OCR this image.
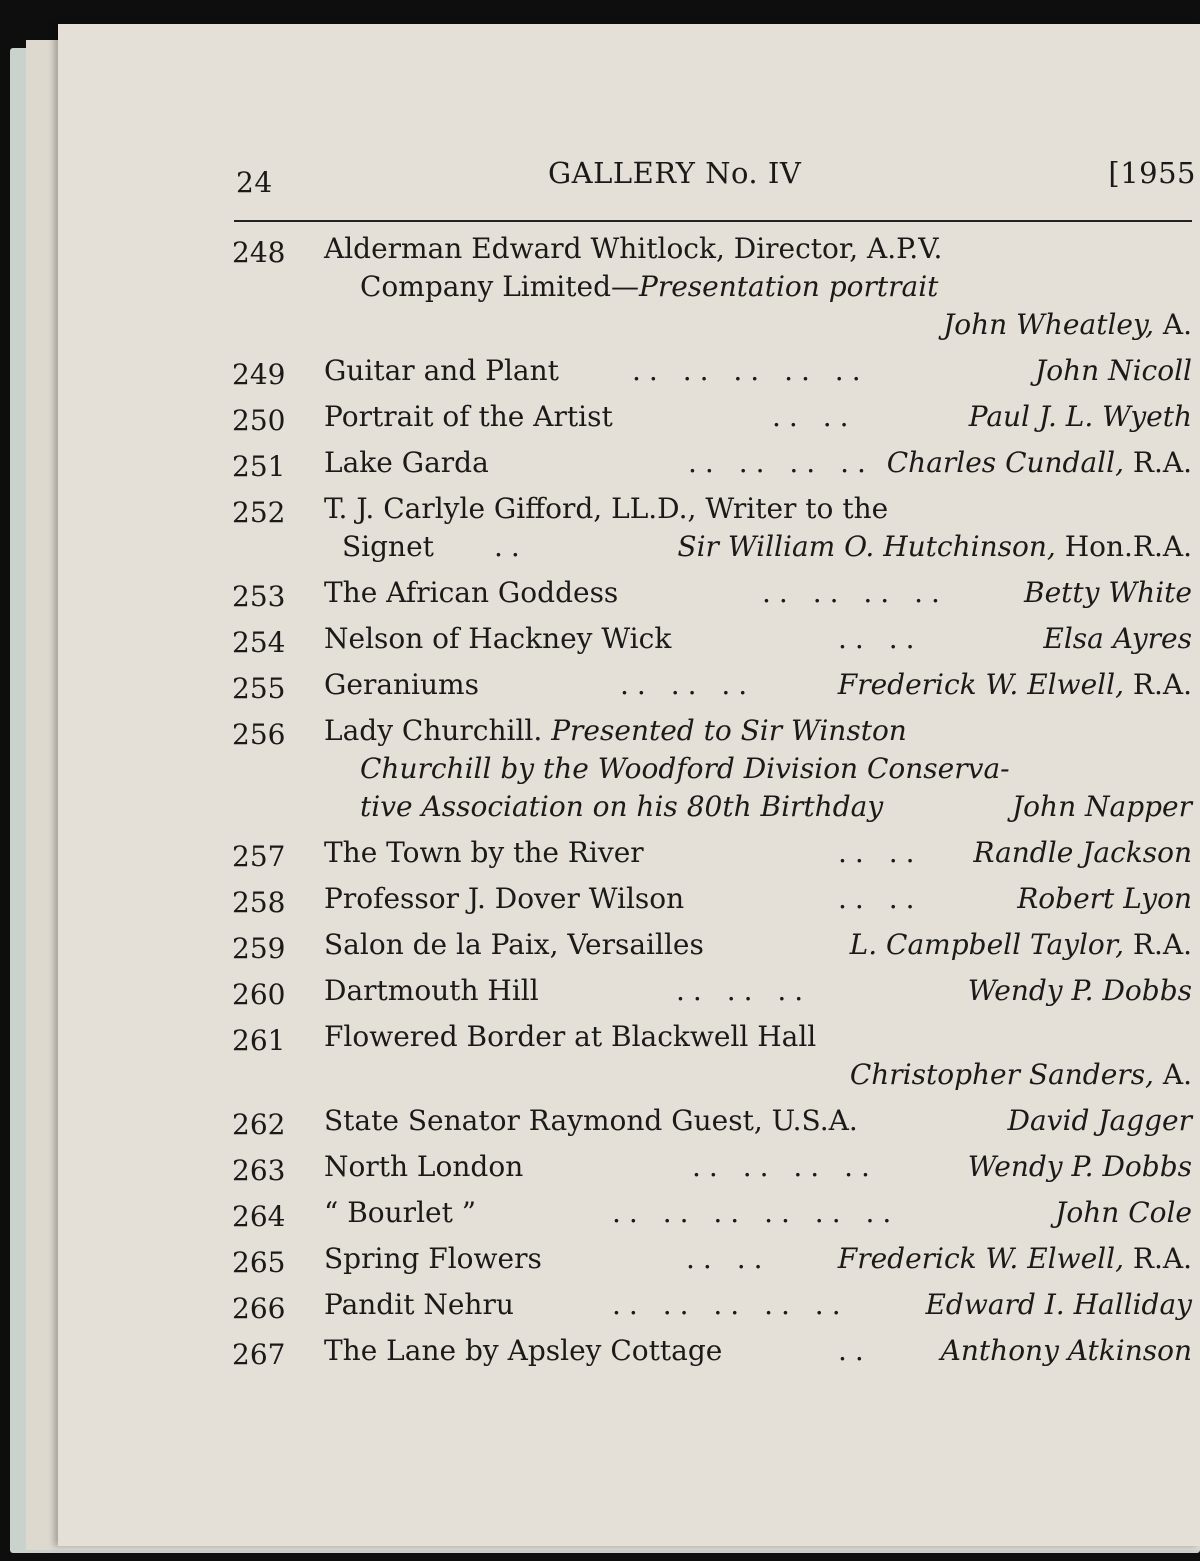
24	GALLERY No. IV	[1955
248	Alderman Edward Whitlock, Director, A.P.V.
Company Limited—Presentation portrait
John Wheatley, A.
249	Guitar and Plant	.. .. .. .. ..	John Nicoll
250	Portrait of the Artist	.. ..	Paul J. L. Wyeth
251	Lake Garda	.. .. .. .. Charles Cundall, R.A.
252	T. J. Carlyle Gifford, LL.D., Writer to the
Signet ..	Sir William O. Hutchinson, Hon.R.A.
253	The African Goddess	.. .. .. ..	Betty White
254	Nelson of Hackney Wick	.. ..	Elsa Ayres
255	Geraniums	.. .. ..	Frederick W. Elwell, R.A.
256	Lady Churchill. Presented to Sir Winston
Churchill by the Woodford Division Conserva-
tive Association on his 80th Birthday	John Napper
257	The Town by the River	.. .. Randle Jackson
258	Professor J. Dover Wilson	.. ..	Robert Lyon
259	Salon de la Paix, Versailles	L. Campbell Taylor, R.A.
260	Dartmouth Hill	.. .. ..	Wendy P. Dobbs
261	Flowered Border at Blackwell Hall
Christopher Sanders, A.
262	State Senator Raymond Guest, U.S.A.	David Jagger
263	North London	.. .. .. ..	Wendy P. Dobbs
264	“ Bourlet ”	.. .. .. .. .. ..	John Cole
265	Spring Flowers	.. .. Frederick W. Elwell, R.A.
266	Pandit Nehru	.. .. .. .. ..	Edward I. Halliday
267	The Lane by Apsley Cottage	.. Anthony Atkinson
